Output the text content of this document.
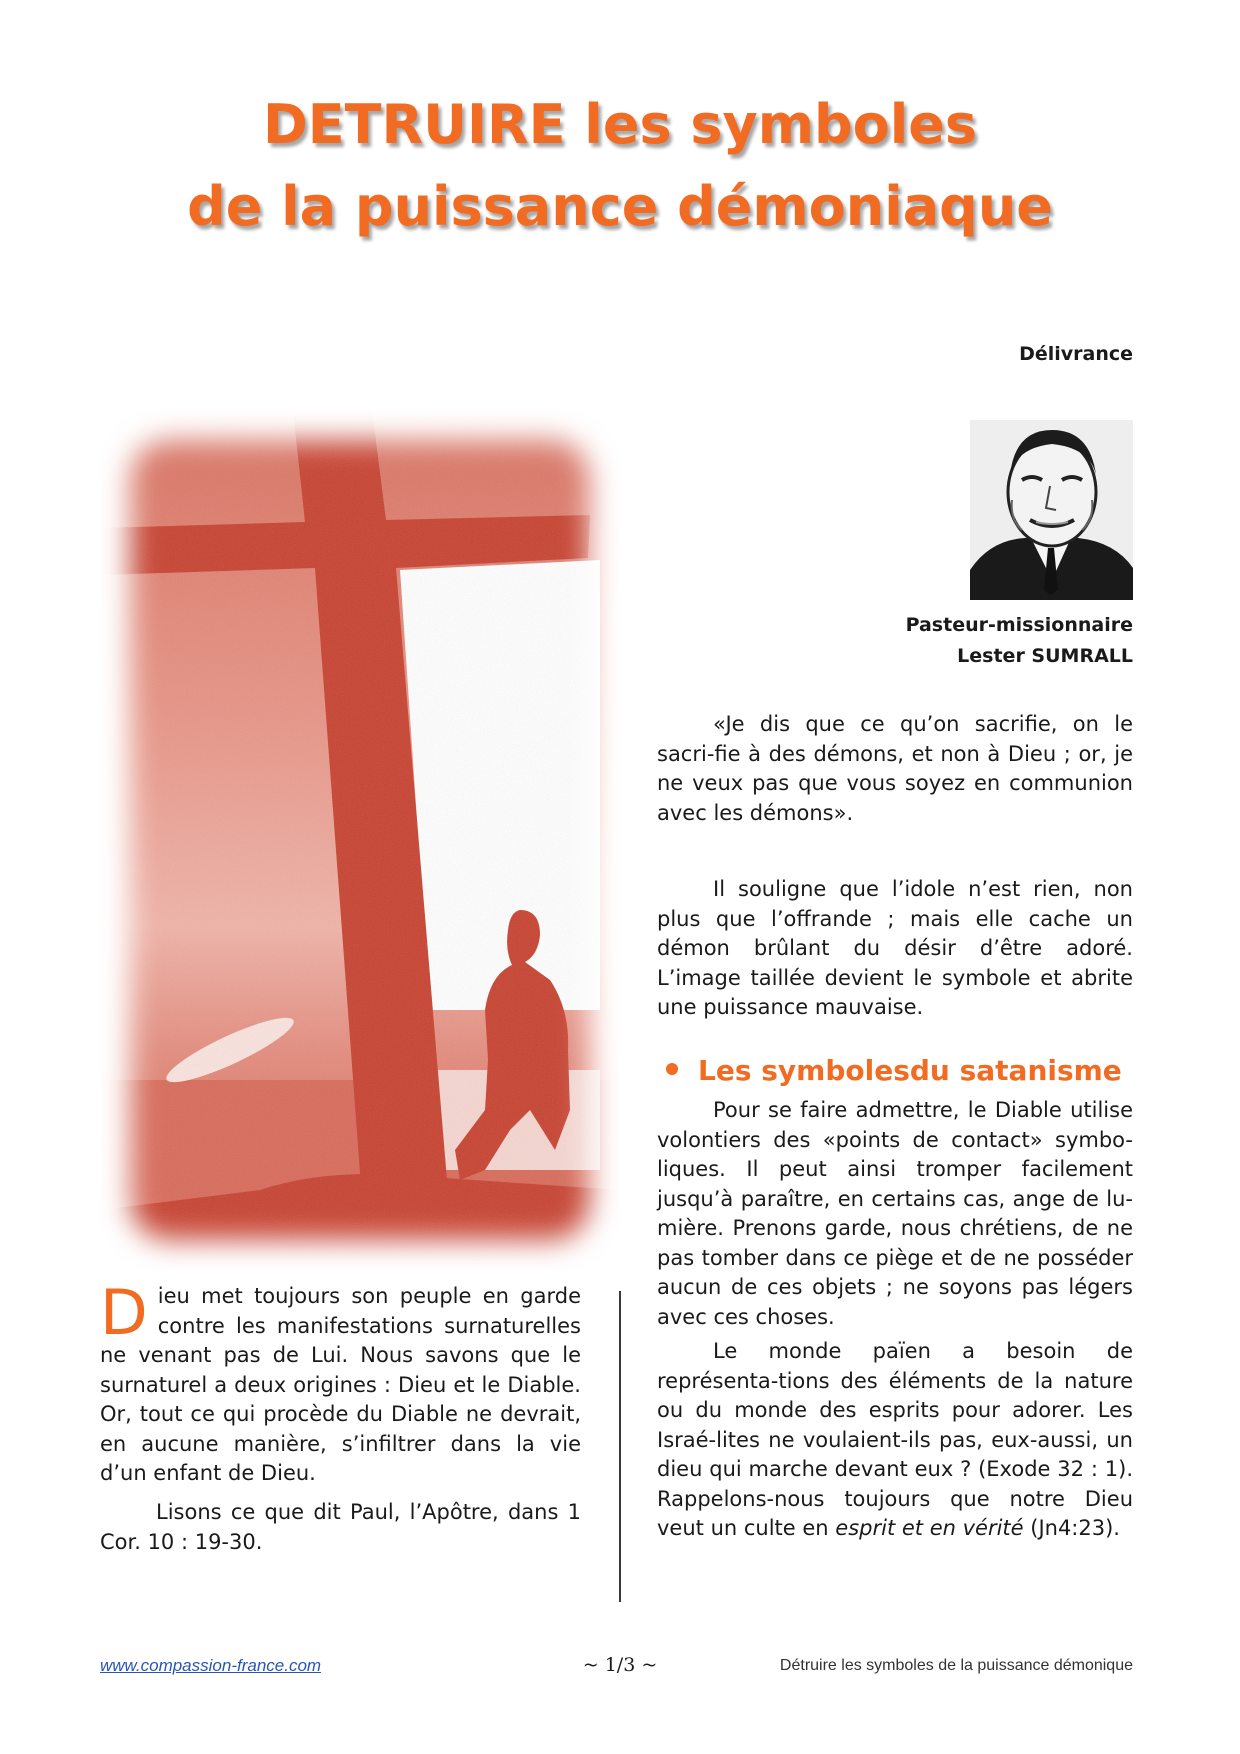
DETRUIRE les symboles
de la puissance démoniaque
Délivrance
Pasteur-missionnaire
Lester SUMRALL

«Je dis que ce qu’on sacrifie, on le sacri-fie à des démons, et non à Dieu ; or, je ne veux pas que vous soyez en communion avec les démons».

Il souligne que l’idole n’est rien, non plus que l’offrande ; mais elle cache un démon brûlant du désir d’être adoré. L’image taillée devient le symbole et abrite une puissance mauvaise.

Les symbolesdu satanisme

Pour se faire admettre, le Diable utilise volontiers des «points de contact» symbo-liques. Il peut ainsi tromper facilement jusqu’à paraître, en certains cas, ange de lu-mière. Prenons garde, nous chrétiens, de ne pas tomber dans ce piège et de ne posséder aucun de ces objets ; ne soyons pas légers avec ces choses.

Le monde païen a besoin de représenta-tions des éléments de la nature ou du monde des esprits pour adorer. Les Israé-lites ne voulaient-ils pas, eux-aussi, un dieu qui marche devant eux ? (Exode 32 : 1). Rappelons-nous toujours que notre Dieu veut un culte en esprit et en vérité (Jn4:23).

Dieu met toujours son peuple en garde contre les manifestations surnaturelles ne venant pas de Lui. Nous savons que le surnaturel a deux origines : Dieu et le Diable. Or, tout ce qui procède du Diable ne devrait, en aucune manière, s’infiltrer dans la vie d’un enfant de Dieu.

Lisons ce que dit Paul, l’Apôtre, dans 1 Cor. 10 : 19-30.

www.compassion-france.com	~ 1/3 ~	Détruire les symboles de la puissance démonique
